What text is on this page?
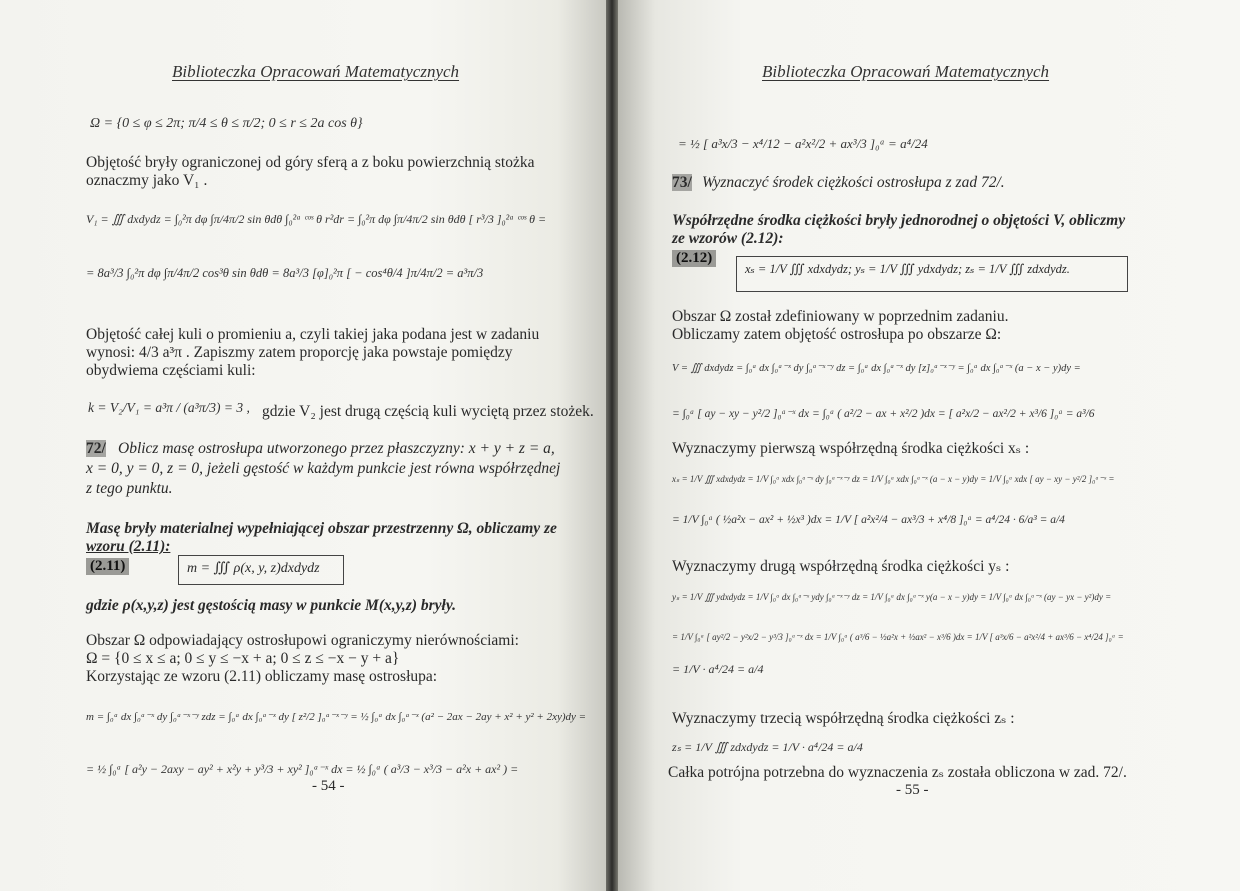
Biblioteczka Opracowań Matematycznych
Ω = {0 ≤ φ ≤ 2π; π/4 ≤ θ ≤ π/2; 0 ≤ r ≤ 2a cos θ}
Objętość bryły ograniczonej od góry sferą a z boku powierzchnią stożka
oznaczmy jako V₁ .
V₁ = ∭ dxdydz = ∫₀²π dφ ∫π/4π/2 sin θdθ ∫₀²ᵃ ᶜᵒˢ θ r²dr = ∫₀²π dφ ∫π/4π/2 sin θdθ [ r³/3 ]₀²ᵃ ᶜᵒˢ θ =
= 8a³/3 ∫₀²π dφ ∫π/4π/2 cos³θ sin θdθ = 8a³/3 [φ]₀²π [ − cos⁴θ/4 ]π/4π/2 = a³π/3
Objętość całej kuli o promieniu a, czyli takiej jaka podana jest w zadaniu
wynosi: 4/3 a³π . Zapiszmy zatem proporcję jaka powstaje pomiędzy
obydwiema częściami kuli:
k = V₂/V₁ = a³π / (a³π/3) = 3 , gdzie V₂ jest drugą częścią kuli wyciętą przez stożek.
72/ Oblicz masę ostrosłupa utworzonego przez płaszczyzny: x + y + z = a,
x = 0, y = 0, z = 0, jeżeli gęstość w każdym punkcie jest równa współrzędnej
z tego punktu.
Masę bryły materialnej wypełniającej obszar przestrzenny Ω, obliczamy ze
wzoru (2.11):
(2.11)	m = ∭ ρ(x, y, z)dxdydz
gdzie ρ(x,y,z) jest gęstością masy w punkcie M(x,y,z) bryły.
Obszar Ω odpowiadający ostrosłupowi ograniczymy nierównościami:
Ω = {0 ≤ x ≤ a; 0 ≤ y ≤ −x + a; 0 ≤ z ≤ −x − y + a}
Korzystając ze wzoru (2.11) obliczamy masę ostrosłupa:
m = ∫₀ᵃ dx ∫₀ᵃ⁻ˣ dy ∫₀ᵃ⁻ˣ⁻ʸ zdz = ∫₀ᵃ dx ∫₀ᵃ⁻ˣ dy [ z²/2 ]₀ᵃ⁻ˣ⁻ʸ = ½ ∫₀ᵃ dx ∫₀ᵃ⁻ˣ (a² − 2ax − 2ay + x² + y² + 2xy)dy =
= ½ ∫₀ᵃ [ a²y − 2axy − ay² + x²y + y³/3 + xy² ]₀ᵃ⁻ˣ dx = ½ ∫₀ᵃ ( a³/3 − x³/3 − a²x + ax² ) =
- 54 -
Biblioteczka Opracowań Matematycznych
= ½ [ a³x/3 − x⁴/12 − a²x²/2 + ax³/3 ]₀ᵃ = a⁴/24
73/ Wyznaczyć środek ciężkości ostrosłupa z zad 72/.
Współrzędne środka ciężkości bryły jednorodnej o objętości V, obliczmy
ze wzorów (2.12):
(2.12)
xₛ = 1/V ∭ xdxdydz; yₛ = 1/V ∭ ydxdydz; zₛ = 1/V ∭ zdxdydz.
Obszar Ω został zdefiniowany w poprzednim zadaniu.
Obliczamy zatem objętość ostrosłupa po obszarze Ω:
V = ∭ dxdydz = ∫₀ᵃ dx ∫₀ᵃ⁻ˣ dy ∫₀ᵃ⁻ˣ⁻ʸ dz = ∫₀ᵃ dx ∫₀ᵃ⁻ˣ dy [z]₀ᵃ⁻ˣ⁻ʸ = ∫₀ᵃ dx ∫₀ᵃ⁻ˣ (a − x − y)dy =
= ∫₀ᵃ [ ay − xy − y²/2 ]₀ᵃ⁻ˣ dx = ∫₀ᵃ ( a²/2 − ax + x²/2 )dx = [ a²x/2 − ax²/2 + x³/6 ]₀ᵃ = a³/6
Wyznaczymy pierwszą współrzędną środka ciężkości xₛ :
xₛ = 1/V ∭ xdxdydz = 1/V ∫₀ᵃ xdx ∫₀ᵃ⁻ˣ dy ∫₀ᵃ⁻ˣ⁻ʸ dz = 1/V ∫₀ᵃ xdx ∫₀ᵃ⁻ˣ (a − x − y)dy = 1/V ∫₀ᵃ xdx [ ay − xy − y²/2 ]₀ᵃ⁻ˣ =
= 1/V ∫₀ᵃ ( ½a²x − ax² + ½x³ )dx = 1/V [ a²x²/4 − ax³/3 + x⁴/8 ]₀ᵃ = a⁴/24 · 6/a³ = a/4
Wyznaczymy drugą współrzędną środka ciężkości yₛ :
yₛ = 1/V ∭ ydxdydz = 1/V ∫₀ᵃ dx ∫₀ᵃ⁻ˣ ydy ∫₀ᵃ⁻ˣ⁻ʸ dz = 1/V ∫₀ᵃ dx ∫₀ᵃ⁻ˣ y(a − x − y)dy = 1/V ∫₀ᵃ dx ∫₀ᵃ⁻ˣ (ay − yx − y²)dy =
= 1/V ∫₀ᵃ [ ay²/2 − y²x/2 − y³/3 ]₀ᵃ⁻ˣ dx = 1/V ∫₀ᵃ ( a³/6 − ½a²x + ½ax² − x³/6 )dx = 1/V [ a³x/6 − a²x²/4 + ax³/6 − x⁴/24 ]₀ᵃ =
= 1/V · a⁴/24 = a/4
Wyznaczymy trzecią współrzędną środka ciężkości zₛ :
zₛ = 1/V ∭ zdxdydz = 1/V · a⁴/24 = a/4
Całka potrójna potrzebna do wyznaczenia zₛ została obliczona w zad. 72/.
- 55 -
